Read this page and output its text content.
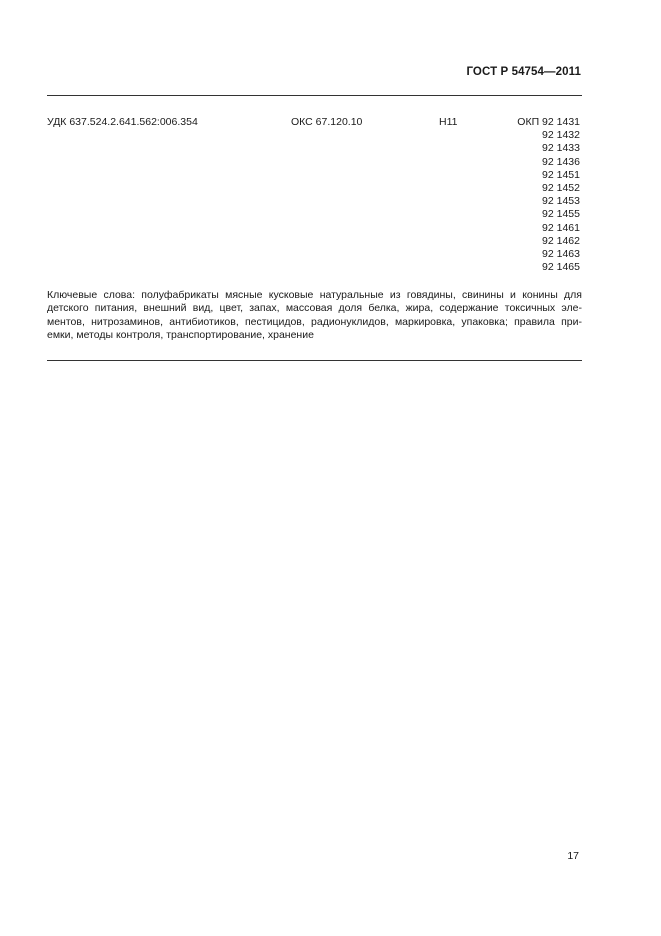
ГОСТ Р 54754—2011
УДК 637.524.2.641.562:006.354	ОКС 67.120.10	Н11	ОКП 92 1431
92 1432
92 1433
92 1436
92 1451
92 1452
92 1453
92 1455
92 1461
92 1462
92 1463
92 1465
Ключевые слова: полуфабрикаты мясные кусковые натуральные из говядины, свинины и конины для
детского питания, внешний вид, цвет, запах, массовая доля белка, жира, содержание токсичных эле-
ментов, нитрозаминов, антибиотиков, пестицидов, радионуклидов, маркировка, упаковка; правила при-
емки, методы контроля, транспортирование, хранение
17
